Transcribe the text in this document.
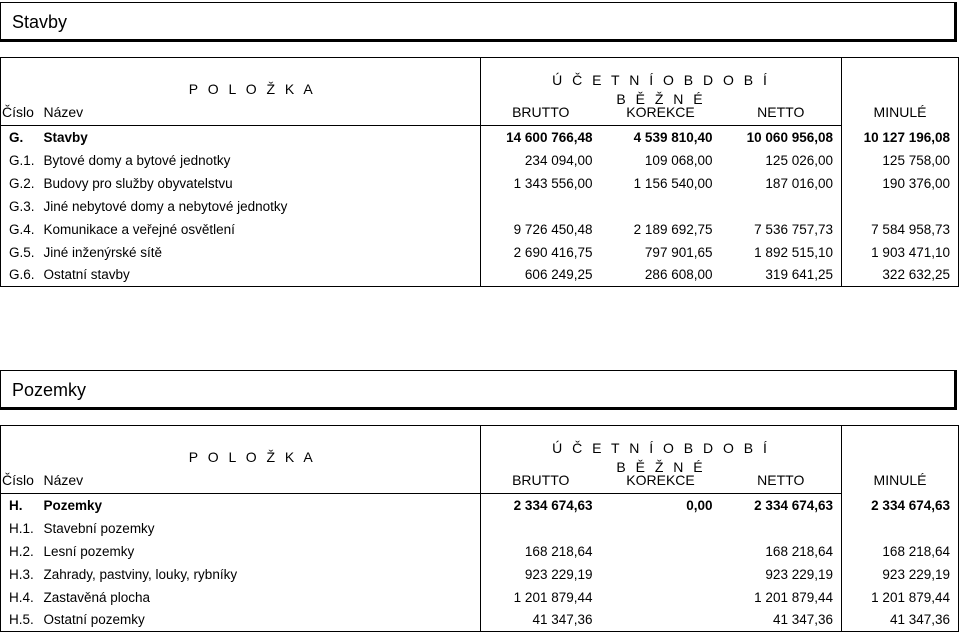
Stavby
	P O L O Ž K A	Ú Č E T N Í O B D O B Í			
		B Ě Ž N É			MINULÉ
Číslo	Název	BRUTTO	KOREKCE	NETTO	
G.	Stavby	14 600 766,48	4 539 810,40	10 060 956,08	10 127 196,08
G.1.	Bytové domy a bytové jednotky	234 094,00	109 068,00	125 026,00	125 758,00
G.2.	Budovy pro služby obyvatelstvu	1 343 556,00	1 156 540,00	187 016,00	190 376,00
G.3.	Jiné nebytové domy a nebytové jednotky				
G.4.	Komunikace a veřejné osvětlení	9 726 450,48	2 189 692,75	7 536 757,73	7 584 958,73
G.5.	Jiné inženýrské sítě	2 690 416,75	797 901,65	1 892 515,10	1 903 471,10
G.6.	Ostatní stavby	606 249,25	286 608,00	319 641,25	322 632,25
Pozemky
	P O L O Ž K A	Ú Č E T N Í O B D O B Í			
		B Ě Ž N É			MINULÉ
Číslo	Název	BRUTTO	KOREKCE	NETTO	
H.	Pozemky	2 334 674,63	0,00	2 334 674,63	2 334 674,63
H.1.	Stavební pozemky				
H.2.	Lesní pozemky	168 218,64		168 218,64	168 218,64
H.3.	Zahrady, pastviny, louky, rybníky	923 229,19		923 229,19	923 229,19
H.4.	Zastavěná plocha	1 201 879,44		1 201 879,44	1 201 879,44
H.5.	Ostatní pozemky	41 347,36		41 347,36	41 347,36
